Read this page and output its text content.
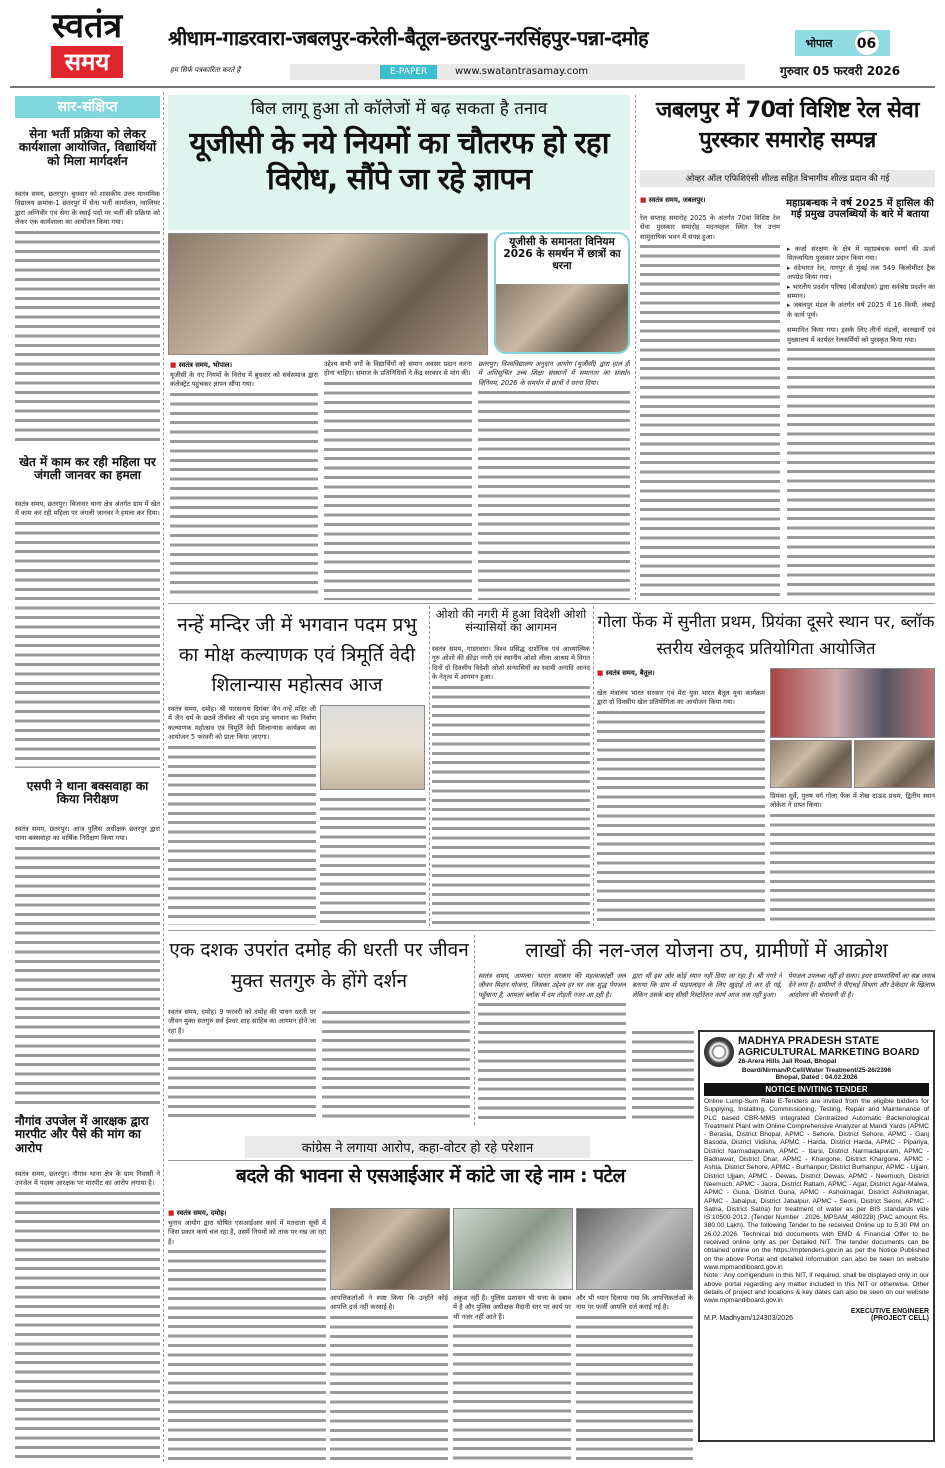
स्वतंत्र
समय
श्रीधाम-गाडरवारा-जबलपुर-करेली-बैतूल-छतरपुर-नरसिंहपुर-पन्ना-दमोह	भोपाल 06
हम सिर्फ पत्रकारिता करते हैं	E-PAPER	www.swatantrasamay.com	गुरुवार 05 फरवरी 2026
सार-संक्षिप्त
सेना भर्ती प्रक्रिया को लेकर कार्यशाला आयोजित, विद्यार्थियों को मिला मार्गदर्शन

स्वतंत्र समय, छतरपुर। बुधवार को शासकीय उत्तर माध्यमिक विद्यालय क्रमांक-1 छतरपुर में सेना भर्ती कार्यालय, ग्वालियर द्वारा अग्निवीर एवं सेना के स्थाई पदों पर भर्ती की प्रक्रिया को लेकर एक कार्यशाला का आयोजन किया गया।

खेत में काम कर रही महिला पर जंगली जानवर का हमला

स्वतंत्र समय, छतरपुर। बिजावर थाना क्षेत्र अंतर्गत ग्राम में खेत में काम कर रही महिला पर जंगली जानवर ने हमला कर दिया।

एसपी ने थाना बक्सवाहा का किया निरीक्षण

स्वतंत्र समय, छतरपुर। आज पुलिस अधीक्षक छतरपुर द्वारा थाना बक्सवाहा का वार्षिक निरीक्षण किया गया।

नौगांव उपजेल में आरक्षक द्वारा मारपीट और पैसे की मांग का आरोप

स्वतंत्र समय, छतरपुर। नौगांव थाना क्षेत्र के ग्राम निवासी ने उपजेल में पदस्थ आरक्षक पर मारपीट का आरोप लगाया है।

बिल लागू हुआ तो कॉलेजों में बढ़ सकता है तनाव
यूजीसी के नये नियमों का चौतरफ हो रहा विरोध, सौंपे जा रहे ज्ञापन
यूजीसी के समानता विनियम 2026 के समर्थन में छात्रों का धरना
■ स्वतंत्र समय, भोपाल।

यूजीसी के नए नियमों के विरोध में बुधवार को सर्वसमाज द्वारा कलेक्ट्रेट पहुंचकर ज्ञापन सौंपा गया।

उद्देश्य सभी वर्गों के विद्यार्थियों को समान अवसर प्रदान करना होना चाहिए। समाज के प्रतिनिधियों ने केंद्र सरकार से मांग की।

छतरपुर। विश्वविद्यालय अनुदान आयोग (यूजीसी) द्वारा हाल ही में अधिसूचित उच्च शिक्षा संस्थानों में समानता का संवर्धन विनियम, 2026 के समर्थन में छात्रों ने धरना दिया।

जबलपुर में 70वां विशिष्ट रेल सेवा पुरस्कार समारोह सम्पन्न
ओव्हर ऑल एफिशिएंसी शील्ड सहित विभागीय शील्ड प्रदान की गई
■ स्वतंत्र समय, जबलपुर।

रेल सप्ताह समारोह 2025 के अंतर्गत 70वां विशिष्ट रेल सेवा पुरस्कार समारोह मदनमहल स्थित रेल उत्तम सामुदायिक भवन में संपन्न हुआ।

महाप्रबन्धक ने वर्ष 2025 में हासिल की गई प्रमुख उपलब्धियों के बारे में बताया

▸ कर्जा संरक्षण के क्षेत्र में महाप्रबंधक स्वर्णा की ऊर्जा मितव्ययिता पुरस्कार प्रदान किया गया।

▸ वंदेभारत रेल, नागपुर से मुंबई तक 549 किलोमीटर ट्रैक अपग्रेड किया गया।

▸ भारतीय प्रदर्शन परिषद (बीआईएस) द्वारा सर्वश्रेष्ठ प्रदर्शन का सम्मान।

▸ जबलपुर मंडल के अंतर्गत वर्ष 2025 में 16 किमी. लंबाई के कार्य पूर्ण।

सम्मानित किया गया। इसके लिए तीनों मंडलों, कारखानों एवं मुख्यालय में कार्यरत रेलकर्मियों को पुरस्कृत किया गया।

नन्हें मन्दिर जी में भगवान पदम प्रभु का मोक्ष कल्याणक एवं त्रिमूर्ति वेदी शिलान्यास महोत्सव आज

स्वतंत्र समय, दमोह। श्री पारसनाथ दिगंबर जैन नन्हें मंदिर जी में जैन धर्म के छठवें तीर्थंकर श्री पदम प्रभु भगवान का निर्वाण कल्याणक महोत्सव एवं त्रिमूर्ति वेदी शिलान्यास कार्यक्रम का आयोजन 5 फरवरी को प्रातः किया जाएगा।

ओशो की नगरी में हुआ विदेशी ओशो संन्यासियों का आगमन

स्वतंत्र समय, गाडरवारा। विश्व प्रसिद्ध दार्शनिक एवं आध्यात्मिक गुरु ओशो की क्रीड़ा नगरी एवं स्थानीय ओशो लीला आश्रम मे विगत दिनों दो दिवसीय विदेशी ओशो संन्यासियों का स्वामी अनादि आनंद के नेतृत्व में आगमन हुआ।

गोला फेंक में सुनीता प्रथम, प्रियंका दूसरे स्थान पर, ब्लॉक स्तरीय खेलकूद प्रतियोगिता आयोजित
■ स्वतंत्र समय, बैतूल।

खेल मंत्रालय भारत सरकार एवं मेरा युवा भारत बैतूल युवा कार्यक्रम द्वारा दो दिवसीय खेल प्रतियोगिता का आयोजन किया गया।

प्रियंका धुर्वे, पुरुष वर्ग गोला फेंक में शेख दाऊद प्रथम, द्वितीय स्थान लोकेश ने प्राप्त किया।

एक दशक उपरांत दमोह की धरती पर जीवन मुक्त सतगुरु के होंगे दर्शन

स्वतंत्र समय, दमोह। 9 फरवरी को दमोह की पावन धरती पर जीवन मुक्त सतगुरु सर्व ईश्वर शाह साहिब का आगमन होने जा रहा है।

लाखों की नल-जल योजना ठप, ग्रामीणों में आक्रोश

स्वतंत्र समय, आमला। भारत सरकार की महत्वाकांक्षी जल जीवन मिशन योजना, जिसका उद्देश्य हर घर तक शुद्ध पेयजल पहुँचाना है, आमला ब्लॉक में दम तोड़ती नजर आ रही है।

द्वारा भी इस ओर कोई ध्यान नहीं दिया जा रहा है। श्री गंगरे ने बताया कि ग्राम में पाइपलाइन के लिए खुदाई तो कर दी गई, लेकिन उसके बाद सीसी रिस्टोरेशन कार्य आज तक नहीं हुआ।

पेयजल उपलब्ध नहीं हो सका। इधर ग्रामवासियों का सब्र जवाब देने लगा है। ग्रामीणों ने पीएचई विभाग और ठेकेदार के खिलाफ आंदोलन की चेतावनी दी है।

MADHYA PRADESH STATE
AGRICULTURAL MARKETING BOARD
26-Arera Hills Jail Road, Bhopal
Board/Nirman/P.Cell/Water Treatment/25-26/2396
Bhopal, Dated : 04.02.2026
NOTICE INVITING TENDER
Online Lump-Sum Rate E-Tenders are invited from the eligible bidders for Supplying, Installing, Commissioning, Testing, Repair and Maintenance of PLC based CBR-MMS integrated Centralized Automatic Bacteriological Treatment Plant with Online Comprehensive Analyzer at Mandi Yards (APMC - Berasia, District Bhopal, APMC - Sehore, District Sehore, APMC - Ganj Basoda, District Vidisha, APMC - Harda, District Harda, APMC - Pipariya, District Narmadapuram, APMC - Itarsi, District Narmadapuram, APMC - Badnawar, District Dhar, APMC - Khargone, District Khargone, APMC - Ashta, District Sehore, APMC - Burhanpur, District Burhanpur, APMC - Ujjain, District Ujjain, APMC - Dewas, District Dewas, APMC - Neemuch, District Neemuch, APMC - Jaora, District Ratlam, APMC - Agar, District Agar-Malwa, APMC - Guna, District Guna, APMC - Ashoknagar, District Ashoknagar, APMC - Jabalpur, District Jabalpur, APMC - Seoni, District Seoni, APMC - Satna, District Satna) for treatment of water as per BIS standards vide IS:10500-2012. (Tender Number : 2026_MPSAM_480228) (PAC amount Rs. 380.00 Lakh). The following Tender to be received Online up to 5:30 PM on 26.02.2026. Technical bid documents with EMD & Financial Offer to be received online only as per Detailed NIT. The tender documents can be obtained online on the https://mptenders.gov.in as per the Notice Published on the above Portal and detailed information can also be seen on website www.mpmandiboard.gov.in
Note : Any corrigendum in this NIT, if required, shall be displayed only in our above portal regarding any matter included in this NIT or otherwise. Other details of project and locations & key dates can also be seen on our website www.mpmandiboard.gov.in
EXECUTIVE ENGINEER
M.P. Madhyam/124303/2026	(PROJECT CELL)
कांग्रेस ने लगाया आरोप, कहा-वोटर हो रहे परेशान
बदले की भावना से एसआईआर में कांटे जा रहे नाम : पटेल
■ स्वतंत्र समय, दमोह।

चुनाव आयोग द्वारा घोषित एसआईआर कार्य में मतदाता सूची में जिस प्रकार कार्य चल रहा है, उसमें नियमों को ताक पर रख जा रहा है।

आपत्तिकर्ताओं ने स्पष्ट किया कि उन्होंने कोई आपत्ति दर्ज नहीं करवाई है।

अंकुश नहीं है। पुलिस प्रशासन भी सत्ता के दबाव में है और पुलिस अधीक्षक मैदानी स्तर पर कार्य पर भी नजर नहीं आते हैं।

और भी ध्यान दिलाया गया कि आपत्तिकर्ताओं के नाम पर फर्जी आपत्ति दर्ज कराई गई है।
